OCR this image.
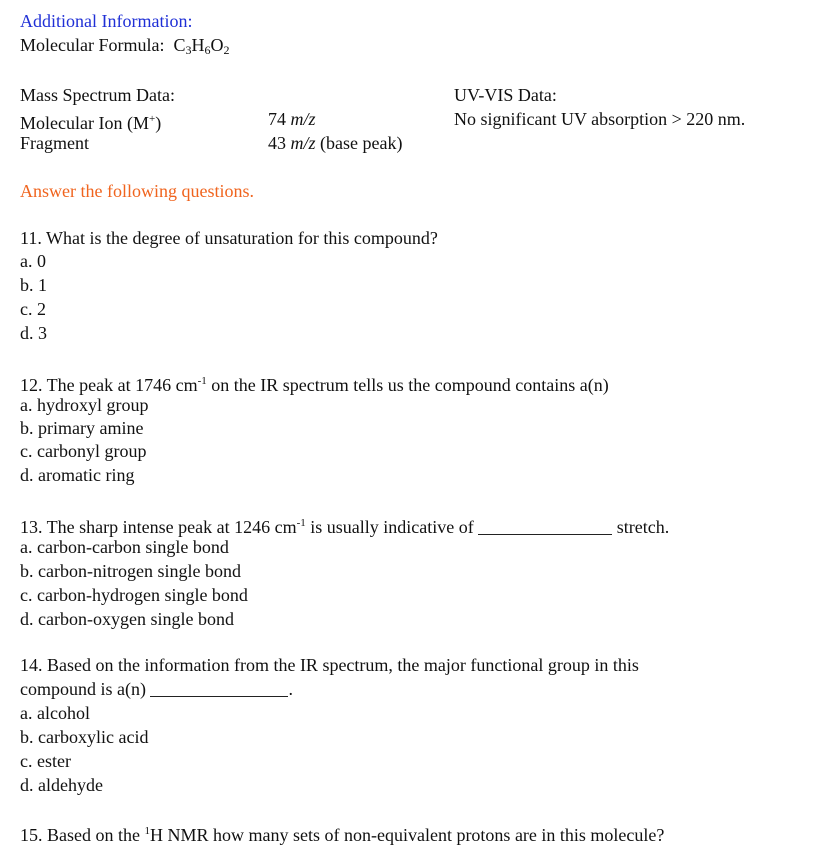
Additional Information:
Molecular Formula: $C_3H_6O_2$
Mass Spectrum Data:
Molecular Ion (M+)	74 m/z
Fragment	43 m/z (base peak)
UV-VIS Data:
No significant UV absorption > 220 nm.
Answer the following questions.
11. What is the degree of unsaturation for this compound?
a. 0
b. 1
c. 2
d. 3
12. The peak at 1746 $cm^{-1}$ on the IR spectrum tells us the compound contains a(n)
a. hydroxyl group
b. primary amine
c. carbonyl group
d. aromatic ring
13. The sharp intense peak at 1246 $cm^{-1}$ is usually indicative of	stretch.
a. carbon-carbon single bond
b. carbon-nitrogen single bond
c. carbon-hydrogen single bond
d. carbon-oxygen single bond
14. Based on the information from the IR spectrum, the major functional group in this
compound is a(n)	.
a. alcohol
b. carboxylic acid
c. ester
d. aldehyde
15. Based on the $^1$H NMR how many sets of non-equivalent protons are in this molecule?
